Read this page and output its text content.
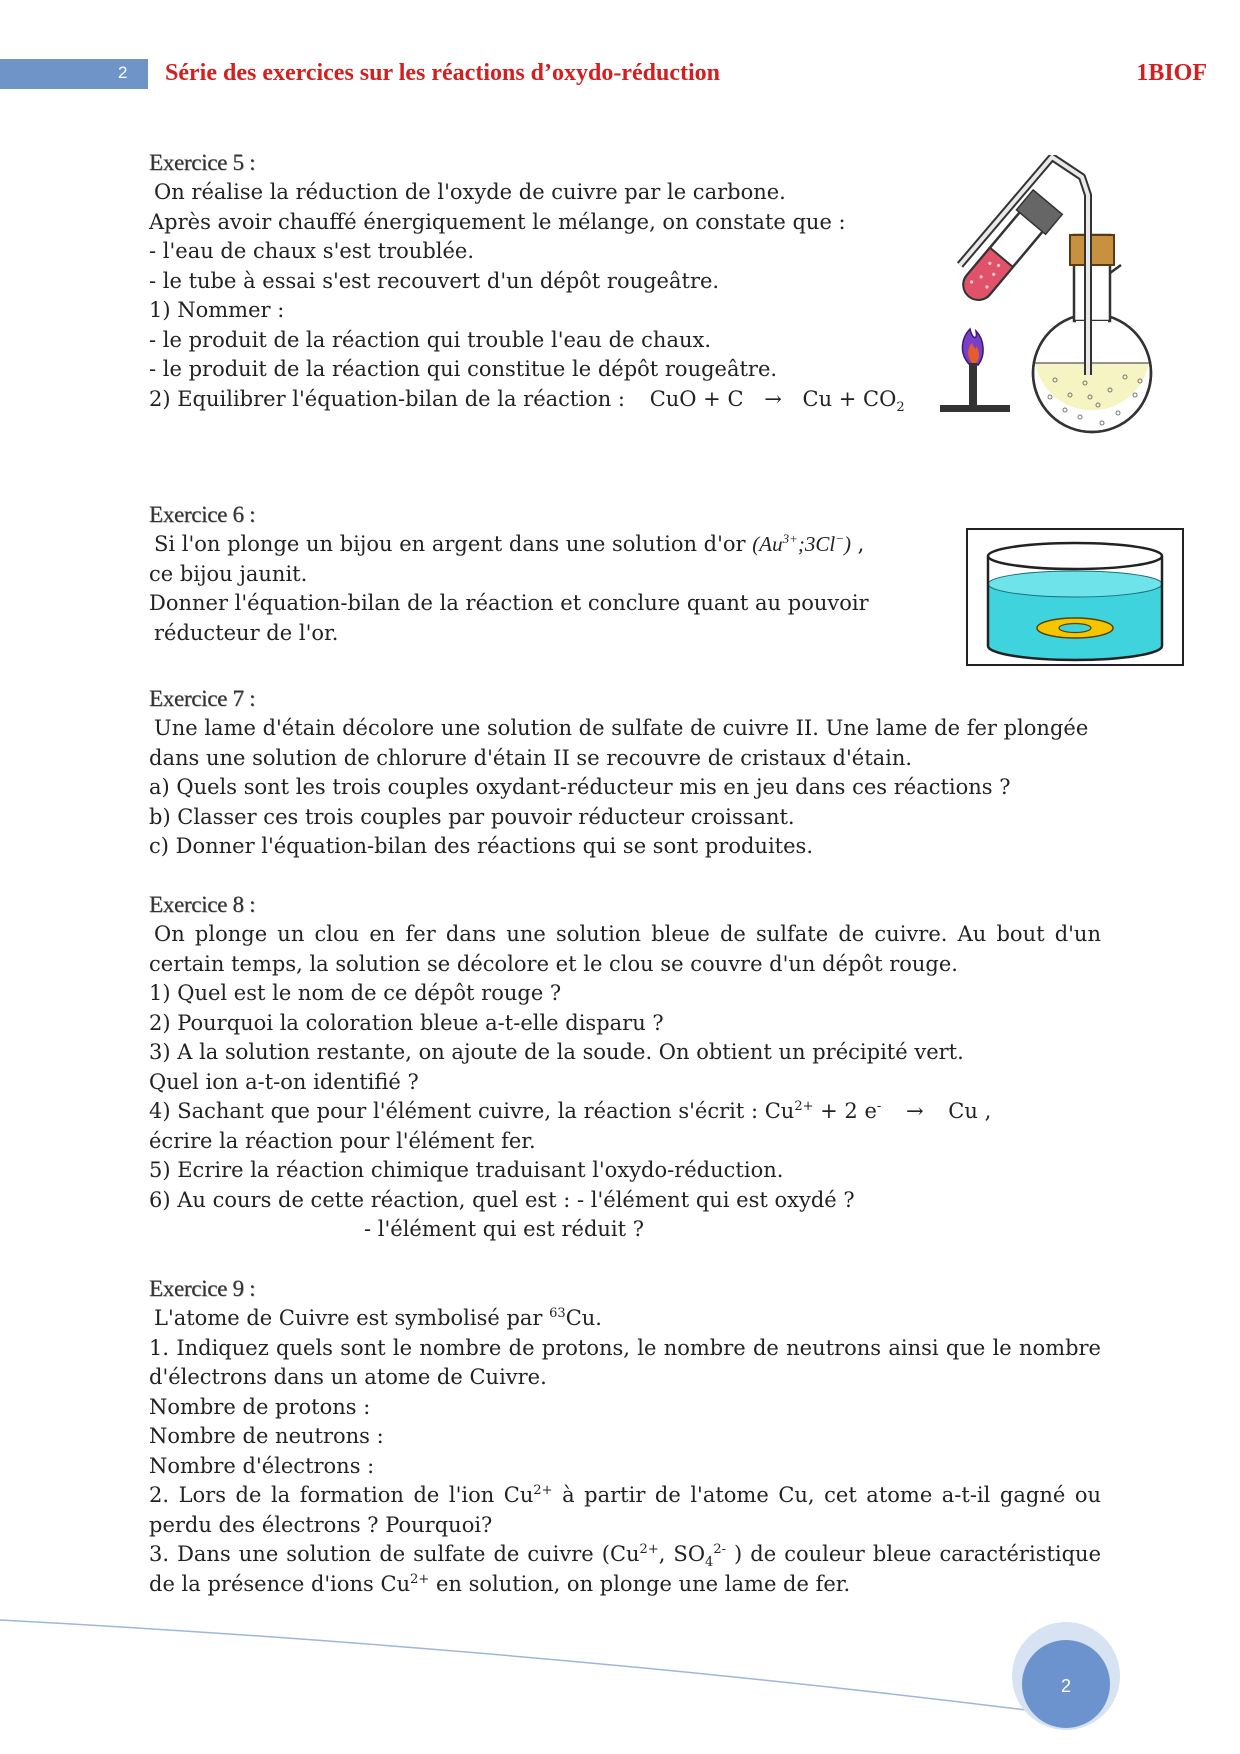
2 Série des exercices sur les réactions d’oxydo-réduction	1BIOF
Exercice 5 :
On réalise la réduction de l'oxyde de cuivre par le carbone.
Après avoir chauffé énergiquement le mélange, on constate que :
- l'eau de chaux s'est troublée.
- le tube à essai s'est recouvert d'un dépôt rougeâtre.
1) Nommer :
- le produit de la réaction qui trouble l'eau de chaux.
- le produit de la réaction qui constitue le dépôt rougeâtre.
2) Equilibrer l'équation-bilan de la réaction : CuO + $C \to Cu + CO_2$
Exercice 6 :
Si l'on plonge un bijou en argent dans une solution d'or $(Au^{3+};3Cl^-)$ ,
ce bijou jaunit.
Donner l'équation-bilan de la réaction et conclure quant au pouvoir
réducteur de l'or.
Exercice 7 :
Une lame d'étain décolore une solution de sulfate de cuivre II. Une lame de fer plongée
dans une solution de chlorure d'étain II se recouvre de cristaux d'étain.
a) Quels sont les trois couples oxydant-réducteur mis en jeu dans ces réactions ?
b) Classer ces trois couples par pouvoir réducteur croissant.
c) Donner l'équation-bilan des réactions qui se sont produites.
Exercice 8 :
On plonge un clou en fer dans une solution bleue de sulfate de cuivre. Au bout d'un
certain temps, la solution se décolore et le clou se couvre d'un dépôt rouge.
1) Quel est le nom de ce dépôt rouge ?
2) Pourquoi la coloration bleue a-t-elle disparu ?
3) A la solution restante, on ajoute de la soude. On obtient un précipité vert.
Quel ion a-t-on identifié ?
4) Sachant que pour l'élément cuivre, la réaction s'écrit : $Cu^{2+} + 2$ e- → Cu ,
écrire la réaction pour l'élément fer.
5) Ecrire la réaction chimique traduisant l'oxydo-réduction.
6) Au cours de cette réaction, quel est : - l'élément qui est oxydé ?
- l'élément qui est réduit ?
Exercice 9 :
L'atome de Cuivre est symbolisé par $^{63}$Cu.
1. Indiquez quels sont le nombre de protons, le nombre de neutrons ainsi que le nombre
d'électrons dans un atome de Cuivre.
Nombre de protons :
Nombre de neutrons :
Nombre d'électrons :
2. Lors de la formation de l'ion $Cu^{2+}$ à partir de l'atome Cu, cet atome a-t-il gagné ou
perdu des électrons ? Pourquoi?
3. Dans une solution de sulfate de cuivre ($Cu^{2+}$, $SO_4^{2-}$ ) de couleur bleue caractéristique
de la présence d'ions $Cu^{2+}$ en solution, on plonge une lame de fer.
2
